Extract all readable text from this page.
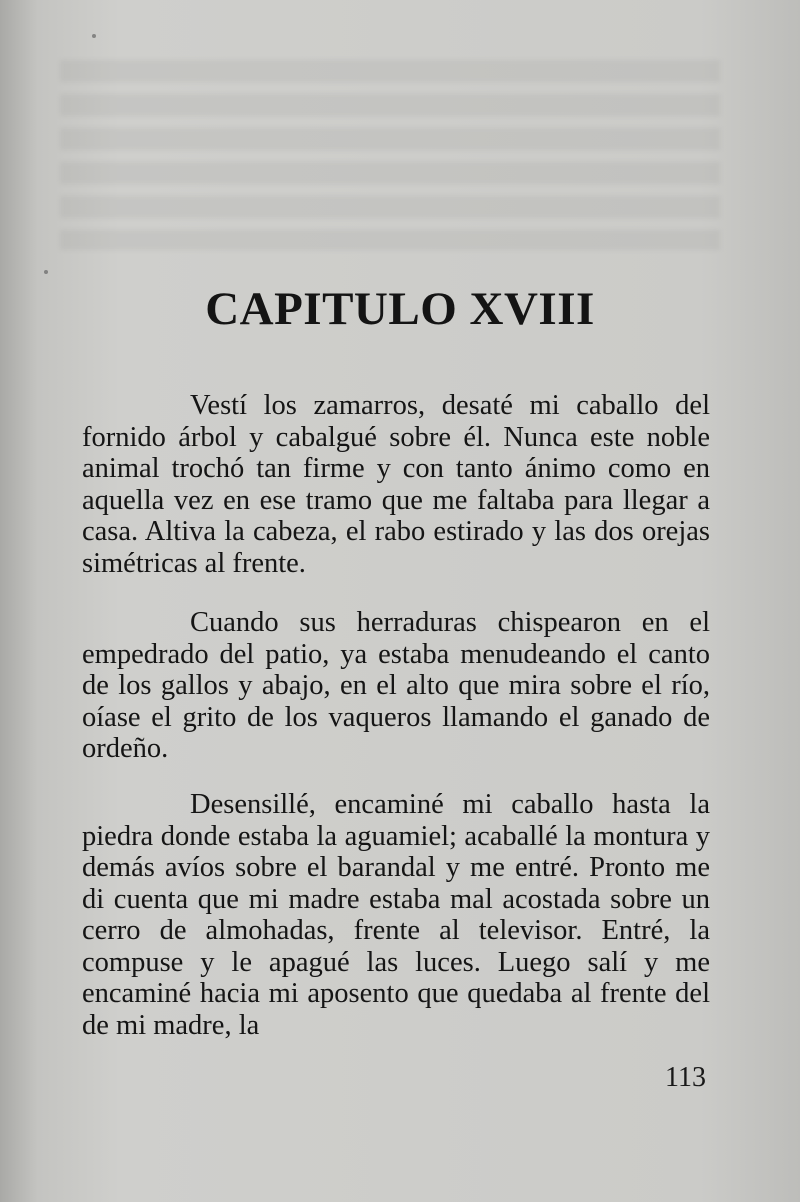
CAPITULO XVIII

Vestí los zamarros, desaté mi caballo del fornido árbol y cabalgué sobre él. Nunca este noble animal trochó tan firme y con tanto ánimo como en aquella vez en ese tramo que me faltaba para llegar a casa. Altiva la cabeza, el rabo estirado y las dos orejas simétricas al frente.

Cuando sus herraduras chispearon en el empedrado del patio, ya estaba menudeando el canto de los gallos y abajo, en el alto que mira sobre el río, oíase el grito de los vaqueros llamando el ganado de ordeño.

Desensillé, encaminé mi caballo hasta la piedra donde estaba la aguamiel; acaballé la montura y demás avíos sobre el barandal y me entré. Pronto me di cuenta que mi madre estaba mal acostada sobre un cerro de almohadas, frente al televisor. Entré, la compuse y le apagué las luces. Luego salí y me encaminé hacia mi aposento que quedaba al frente del de mi madre, la

113
